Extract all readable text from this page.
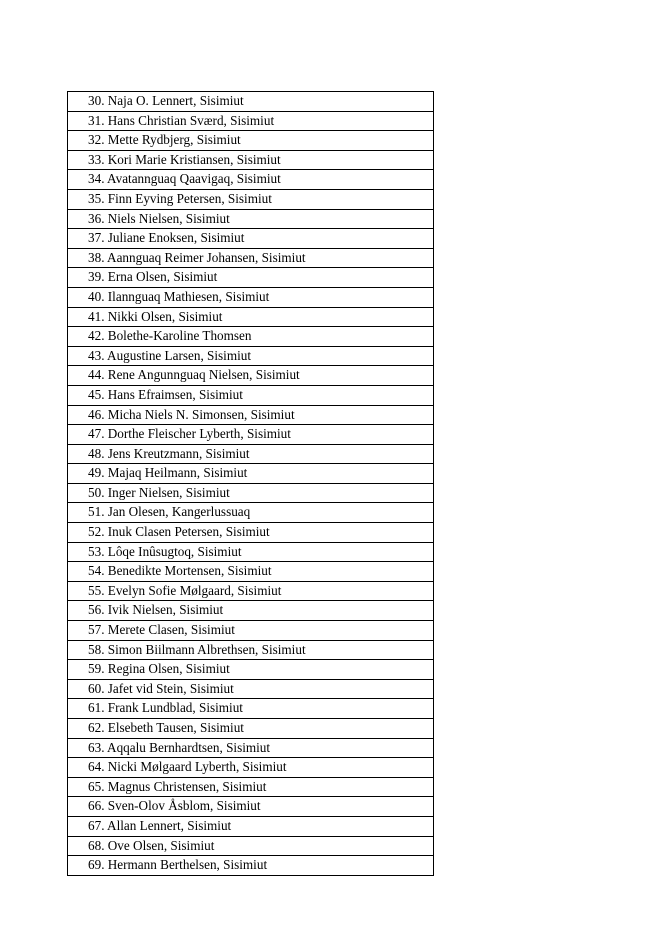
30. Naja O. Lennert, Sisimiut
31. Hans Christian Sværd, Sisimiut
32. Mette Rydbjerg, Sisimiut
33. Kori Marie Kristiansen, Sisimiut
34. Avatannguaq Qaavigaq, Sisimiut
35. Finn Eyving Petersen, Sisimiut
36. Niels Nielsen, Sisimiut
37. Juliane Enoksen, Sisimiut
38. Aannguaq Reimer Johansen, Sisimiut
39. Erna Olsen, Sisimiut
40. Ilannguaq Mathiesen, Sisimiut
41. Nikki Olsen, Sisimiut
42. Bolethe-Karoline Thomsen
43. Augustine Larsen, Sisimiut
44. Rene Angunnguaq Nielsen, Sisimiut
45. Hans Efraimsen, Sisimiut
46. Micha Niels N. Simonsen, Sisimiut
47. Dorthe Fleischer Lyberth, Sisimiut
48. Jens Kreutzmann, Sisimiut
49. Majaq Heilmann, Sisimiut
50. Inger Nielsen, Sisimiut
51. Jan Olesen, Kangerlussuaq
52. Inuk Clasen Petersen, Sisimiut
53. Lôqe Inûsugtoq, Sisimiut
54. Benedikte Mortensen, Sisimiut
55. Evelyn Sofie Mølgaard, Sisimiut
56. Ivik Nielsen, Sisimiut
57. Merete Clasen, Sisimiut
58. Simon Biilmann Albrethsen, Sisimiut
59. Regina Olsen, Sisimiut
60. Jafet vid Stein, Sisimiut
61. Frank Lundblad, Sisimiut
62. Elsebeth Tausen, Sisimiut
63. Aqqalu Bernhardtsen, Sisimiut
64. Nicki Mølgaard Lyberth, Sisimiut
65. Magnus Christensen, Sisimiut
66. Sven-Olov Åsblom, Sisimiut
67. Allan Lennert, Sisimiut
68. Ove Olsen, Sisimiut
69. Hermann Berthelsen, Sisimiut
